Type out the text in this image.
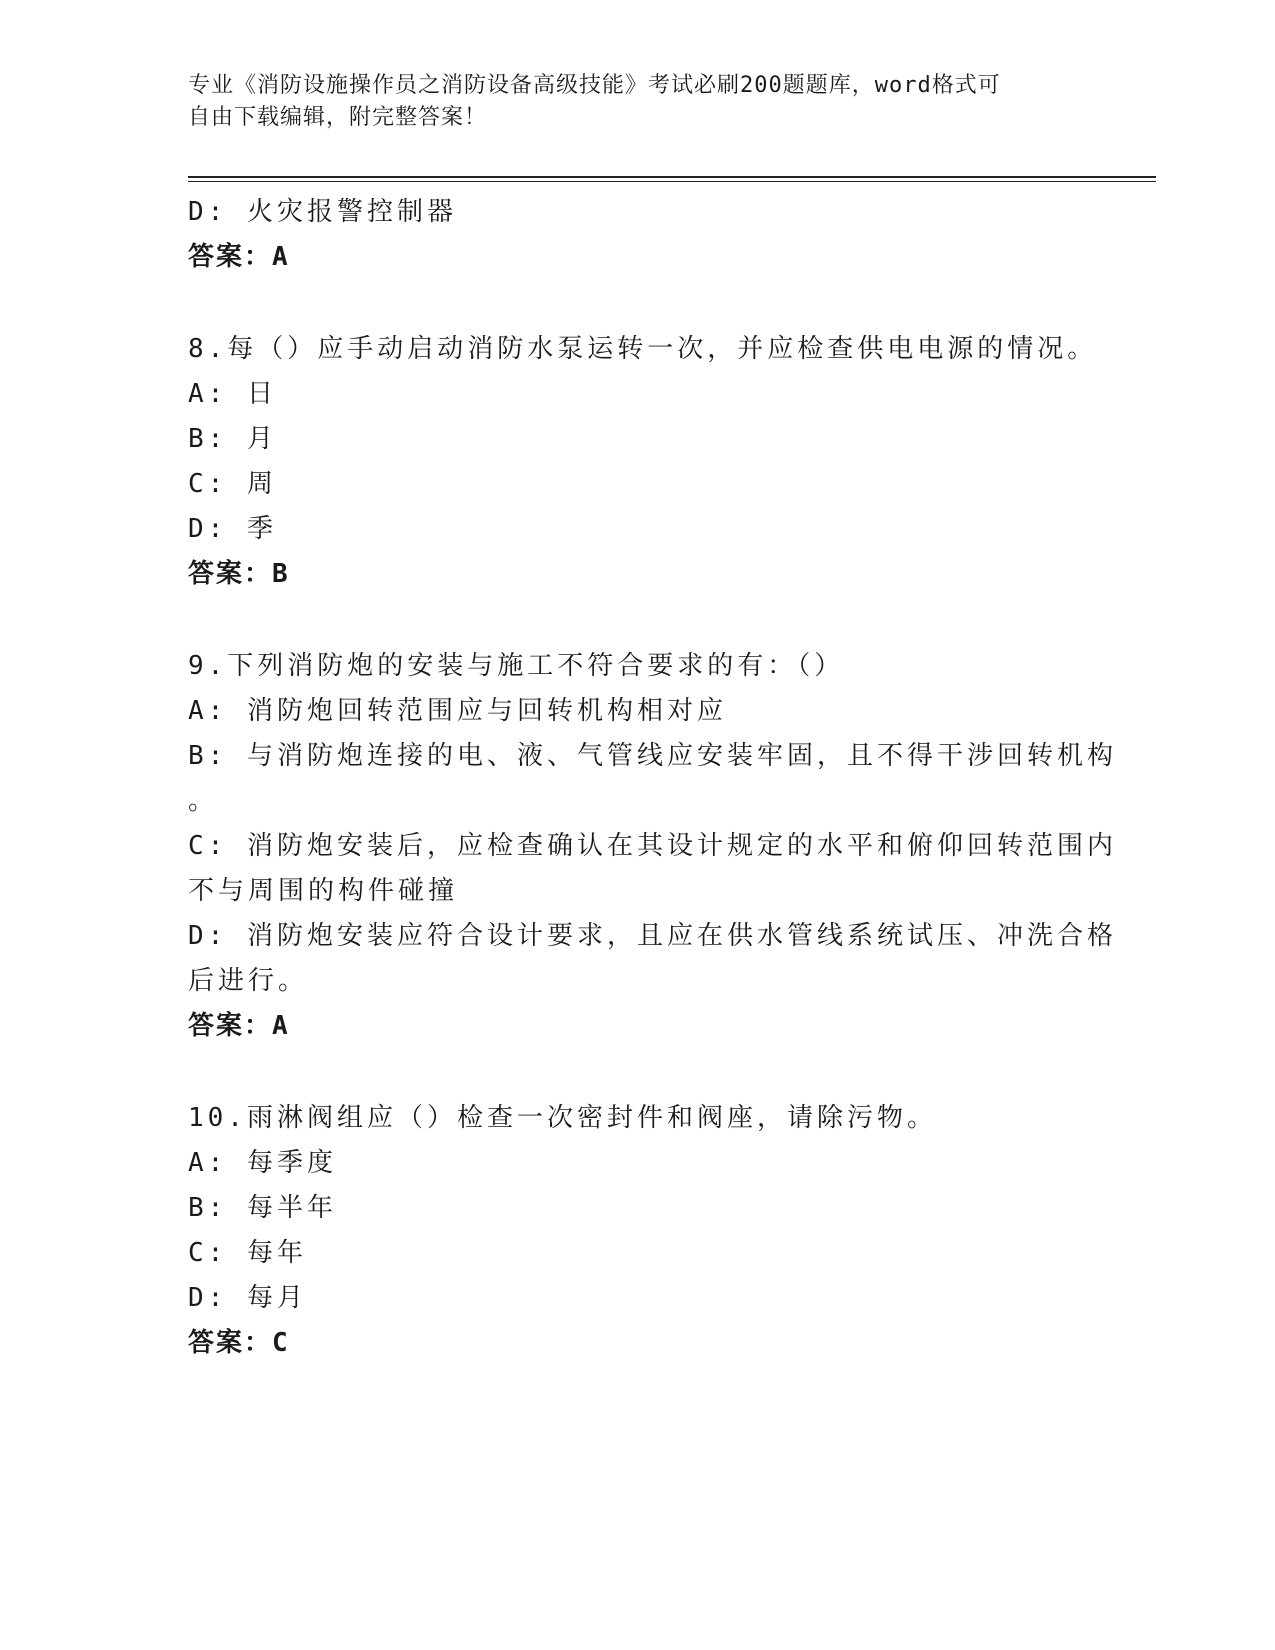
专业《消防设施操作员之消防设备高级技能》考试必刷200题题库，word格式可
自由下载编辑，附完整答案！
D: 火灾报警控制器
答案：A
8.每（）应手动启动消防水泵运转一次，并应检查供电电源的情况。
A: 日
B: 月
C: 周
D: 季
答案：B
9.下列消防炮的安装与施工不符合要求的有：（）
A: 消防炮回转范围应与回转机构相对应
B: 与消防炮连接的电、液、气管线应安装牢固，且不得干涉回转机构
。
C: 消防炮安装后，应检查确认在其设计规定的水平和俯仰回转范围内
不与周围的构件碰撞
D: 消防炮安装应符合设计要求，且应在供水管线系统试压、冲洗合格
后进行。
答案：A
10.雨淋阀组应（）检查一次密封件和阀座，请除污物。
A: 每季度
B: 每半年
C: 每年
D: 每月
答案：C
